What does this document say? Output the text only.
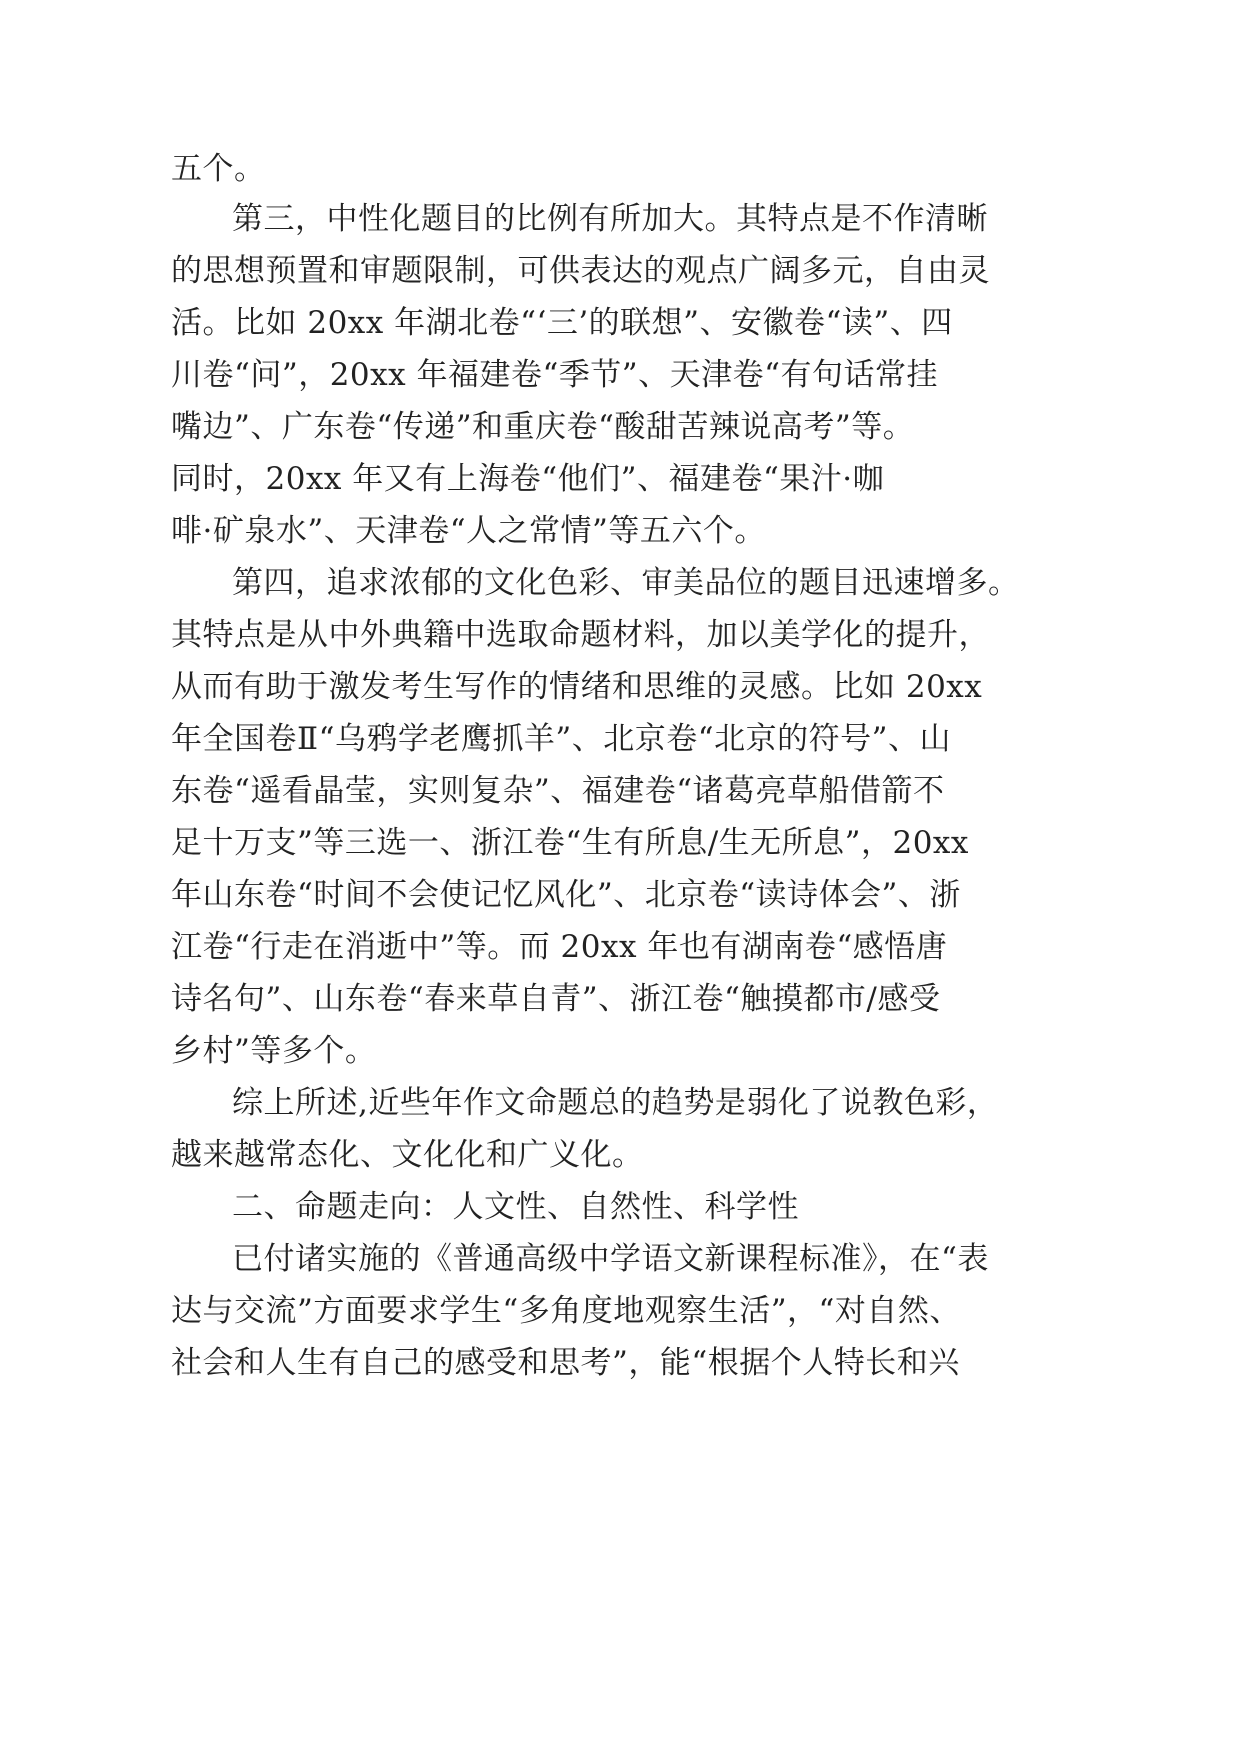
五个。
第三，中性化题目的比例有所加大。其特点是不作清晰
的思想预置和审题限制，可供表达的观点广阔多元，自由灵
活。比如 20xx 年湖北卷“‘三’的联想”、安徽卷“读”、四
川卷“问”，20xx 年福建卷“季节”、天津卷“有句话常挂
嘴边”、广东卷“传递”和重庆卷“酸甜苦辣说高考”等。
同时，20xx 年又有上海卷“他们”、福建卷“果汁·咖
啡·矿泉水”、天津卷“人之常情”等五六个。
第四，追求浓郁的文化色彩、审美品位的题目迅速增多。
其特点是从中外典籍中选取命题材料，加以美学化的提升，
从而有助于激发考生写作的情绪和思维的灵感。比如 20xx
年全国卷Ⅱ“乌鸦学老鹰抓羊”、北京卷“北京的符号”、山
东卷“遥看晶莹，实则复杂”、福建卷“诸葛亮草船借箭不
足十万支”等三选一、浙江卷“生有所息/生无所息”，20xx
年山东卷“时间不会使记忆风化”、北京卷“读诗体会”、浙
江卷“行走在消逝中”等。而 20xx 年也有湖南卷“感悟唐
诗名句”、山东卷“春来草自青”、浙江卷“触摸都市/感受
乡村”等多个。
综上所述,近些年作文命题总的趋势是弱化了说教色彩，
越来越常态化、文化化和广义化。
二、命题走向：人文性、自然性、科学性
已付诸实施的《普通高级中学语文新课程标准》，在“表
达与交流”方面要求学生“多角度地观察生活”，“对自然、
社会和人生有自己的感受和思考”，能“根据个人特长和兴
